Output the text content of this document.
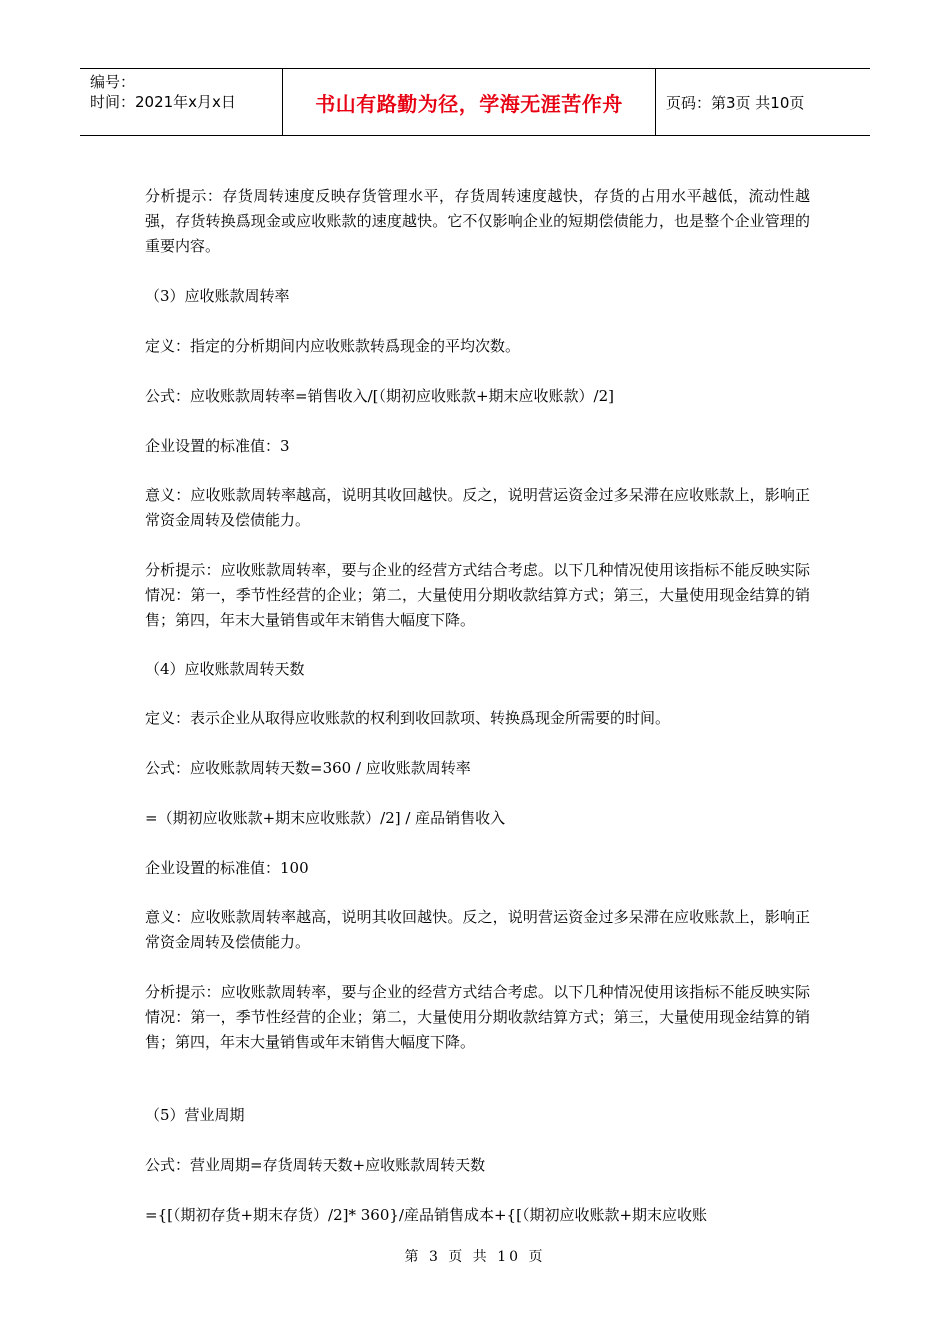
编号：
时间：2021年x月x日	书山有路勤为径，学海无涯苦作舟	页码：第3页 共10页

分析提示：存货周转速度反映存货管理水平，存货周转速度越快，存货的占用水平越低，流动性越强，存货转换爲现金或应收账款的速度越快。它不仅影响企业的短期偿债能力，也是整个企业管理的重要内容。

（3）应收账款周转率

定义：指定的分析期间内应收账款转爲现金的平均次数。

公式：应收账款周转率=销售收入/[（期初应收账款+期末应收账款）/2]

企业设置的标准值：3

意义：应收账款周转率越高，说明其收回越快。反之，说明营运资金过多呆滞在应收账款上，影响正常资金周转及偿债能力。

分析提示：应收账款周转率，要与企业的经营方式结合考虑。以下几种情况使用该指标不能反映实际情况：第一，季节性经营的企业；第二，大量使用分期收款结算方式；第三，大量使用现金结算的销售；第四，年末大量销售或年末销售大幅度下降。

（4）应收账款周转天数

定义：表示企业从取得应收账款的权利到收回款项、转换爲现金所需要的时间。

公式：应收账款周转天数=360 / 应收账款周转率

=（期初应收账款+期末应收账款）/2] / 産品销售收入

企业设置的标准值：100

意义：应收账款周转率越高，说明其收回越快。反之，说明营运资金过多呆滞在应收账款上，影响正常资金周转及偿债能力。

分析提示：应收账款周转率，要与企业的经营方式结合考虑。以下几种情况使用该指标不能反映实际情况：第一，季节性经营的企业；第二，大量使用分期收款结算方式；第三，大量使用现金结算的销售；第四，年末大量销售或年末销售大幅度下降。

（5）营业周期

公式：营业周期=存货周转天数+应收账款周转天数

={[（期初存货+期末存货）/2]* 360}/産品销售成本+{[（期初应收账款+期末应收账

第 3 页 共 10 页
